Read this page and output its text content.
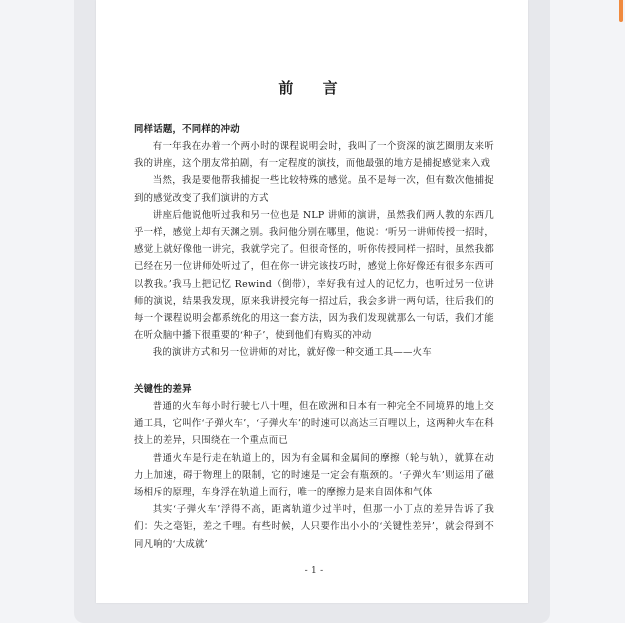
前 言

同样话题，不同样的冲动

有一年我在办着一个两小时的课程说明会时，我叫了一个资深的演艺圈朋友来听我的讲座，这个朋友常拍剧，有一定程度的演技，而他最强的地方是捕捉感觉来入戏

当然，我是要他帮我捕捉一些比较特殊的感觉。虽不是每一次，但有数次他捕捉到的感觉改变了我们演讲的方式

讲座后他说他听过我和另一位也是 NLP 讲师的演讲，虽然我们两人教的东西几乎一样，感觉上却有天渊之别。我问他分别在哪里，他说：‘听另一讲师传授一招时，感觉上就好像他一讲完，我就学完了。但很奇怪的，听你传授同样一招时，虽然我都已经在另一位讲师处听过了，但在你一讲完该技巧时，感觉上你好像还有很多东西可以教我。’我马上把记忆 Rewind（倒带），幸好我有过人的记忆力，也听过另一位讲师的演说，结果我发现，原来我讲授完每一招过后，我会多讲一两句话，往后我们的每一个课程说明会都系统化的用这一套方法，因为我们发现就那么一句话，我们才能在听众脑中播下很重要的‘种子’，使到他们有购买的冲动

我的演讲方式和另一位讲师的对比，就好像一种交通工具——火车

关键性的差异

普通的火车每小时行驶七八十哩，但在欧洲和日本有一种完全不同境界的地上交通工具，它叫作‘子弹火车’，‘子弹火车’的时速可以高达三百哩以上，这两种火车在科技上的差异，只围绕在一个重点而已

普通火车是行走在轨道上的，因为有金属和金属间的摩擦（轮与轨），就算在动力上加速，碍于物理上的限制，它的时速是一定会有瓶颈的。‘子弹火车’则运用了磁场相斥的原理，车身浮在轨道上而行，唯一的摩擦力是来自固体和气体

其实‘子弹火车’浮得不高，距离轨道少过半吋，但那一小丁点的差异告诉了我们：失之毫钜，差之千哩。有些时候，人只要作出小小的‘关键性差异’，就会得到不同凡响的‘大成就’

- 1 -
